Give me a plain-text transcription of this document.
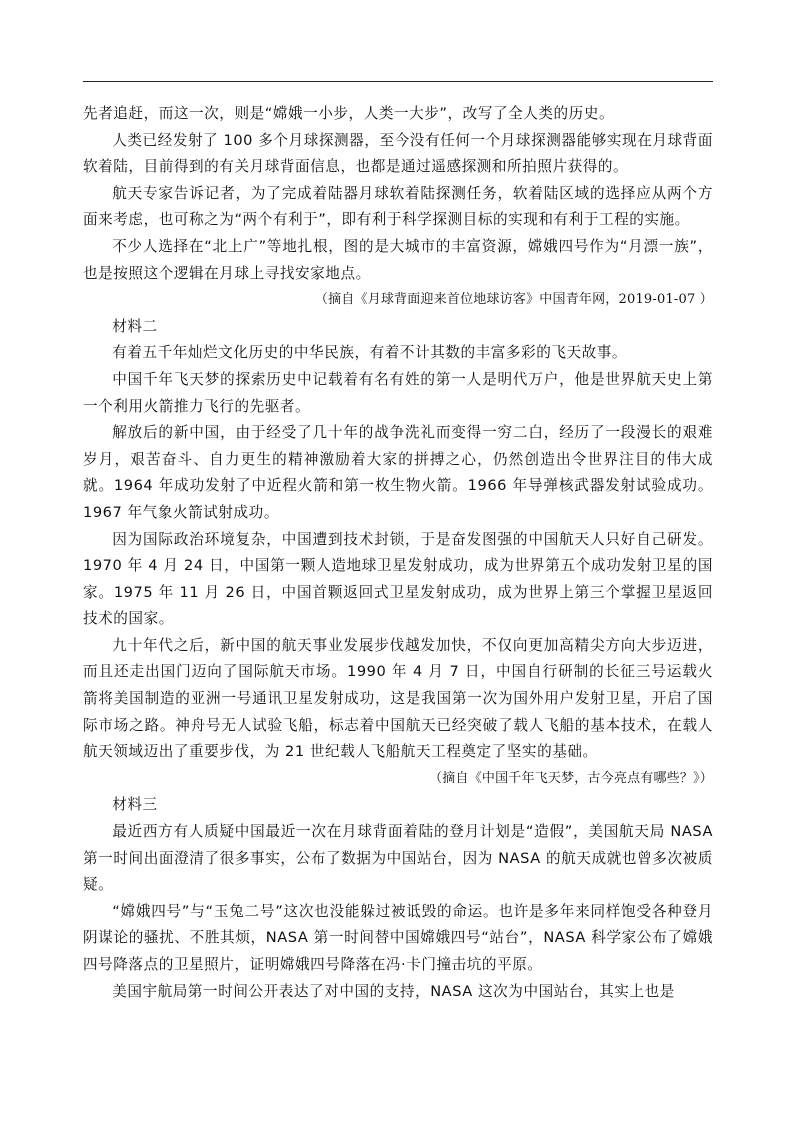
先者追赶，而这一次，则是“嫦娥一小步，人类一大步”，改写了全人类的历史。

人类已经发射了 100 多个月球探测器，至今没有任何一个月球探测器能够实现在月球背面软着陆，目前得到的有关月球背面信息，也都是通过遥感探测和所拍照片获得的。

航天专家告诉记者，为了完成着陆器月球软着陆探测任务，软着陆区域的选择应从两个方面来考虑，也可称之为“两个有利于”，即有利于科学探测目标的实现和有利于工程的实施。

不少人选择在“北上广”等地扎根，图的是大城市的丰富资源，嫦娥四号作为“月漂一族”，也是按照这个逻辑在月球上寻找安家地点。

（摘自《月球背面迎来首位地球访客》中国青年网，2019-01-07 ）

材料二

有着五千年灿烂文化历史的中华民族，有着不计其数的丰富多彩的飞天故事。

中国千年飞天梦的探索历史中记载着有名有姓的第一人是明代万户，他是世界航天史上第一个利用火箭推力飞行的先驱者。

解放后的新中国，由于经受了几十年的战争洗礼而变得一穷二白，经历了一段漫长的艰难岁月，艰苦奋斗、自力更生的精神激励着大家的拼搏之心，仍然创造出令世界注目的伟大成就。1964 年成功发射了中近程火箭和第一枚生物火箭。1966 年导弹核武器发射试验成功。1967 年气象火箭试射成功。

因为国际政治环境复杂，中国遭到技术封锁，于是奋发图强的中国航天人只好自己研发。1970 年 4 月 24 日，中国第一颗人造地球卫星发射成功，成为世界第五个成功发射卫星的国家。1975 年 11 月 26 日，中国首颗返回式卫星发射成功，成为世界上第三个掌握卫星返回技术的国家。

九十年代之后，新中国的航天事业发展步伐越发加快，不仅向更加高精尖方向大步迈进，而且还走出国门迈向了国际航天市场。1990 年 4 月 7 日，中国自行研制的长征三号运载火箭将美国制造的亚洲一号通讯卫星发射成功，这是我国第一次为国外用户发射卫星，开启了国际市场之路。神舟号无人试验飞船，标志着中国航天已经突破了载人飞船的基本技术，在载人航天领域迈出了重要步伐，为 21 世纪载人飞船航天工程奠定了坚实的基础。

（摘自《中国千年飞天梦，古今亮点有哪些？》）

材料三

最近西方有人质疑中国最近一次在月球背面着陆的登月计划是“造假”，美国航天局 NASA 第一时间出面澄清了很多事实，公布了数据为中国站台，因为 NASA 的航天成就也曾多次被质疑。

“嫦娥四号”与“玉兔二号”这次也没能躲过被诋毁的命运。也许是多年来同样饱受各种登月阴谋论的骚扰、不胜其烦，NASA 第一时间替中国嫦娥四号“站台”，NASA 科学家公布了嫦娥四号降落点的卫星照片，证明嫦娥四号降落在冯·卡门撞击坑的平原。

美国宇航局第一时间公开表达了对中国的支持，NASA 这次为中国站台，其实上也是
